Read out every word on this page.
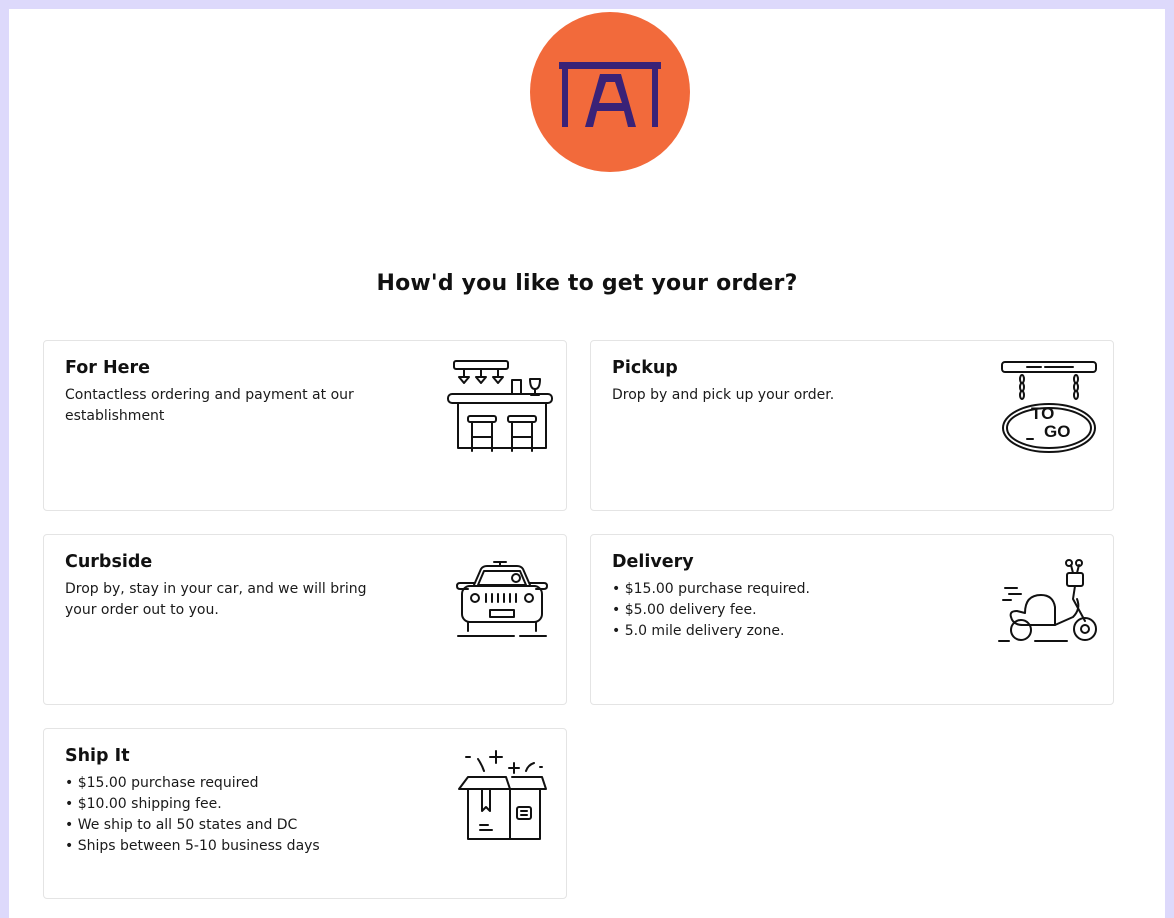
How'd you like to get your order?
For Here
Contactless ordering and payment at our establishment
Pickup
Drop by and pick up your order.
TO
GO
Curbside
Drop by, stay in your car, and we will bring your order out to you.
Delivery
• $15.00 purchase required.
• $5.00 delivery fee.
• 5.0 mile delivery zone.
Ship It
• $15.00 purchase required
• $10.00 shipping fee.
• We ship to all 50 states and DC
• Ships between 5-10 business days
